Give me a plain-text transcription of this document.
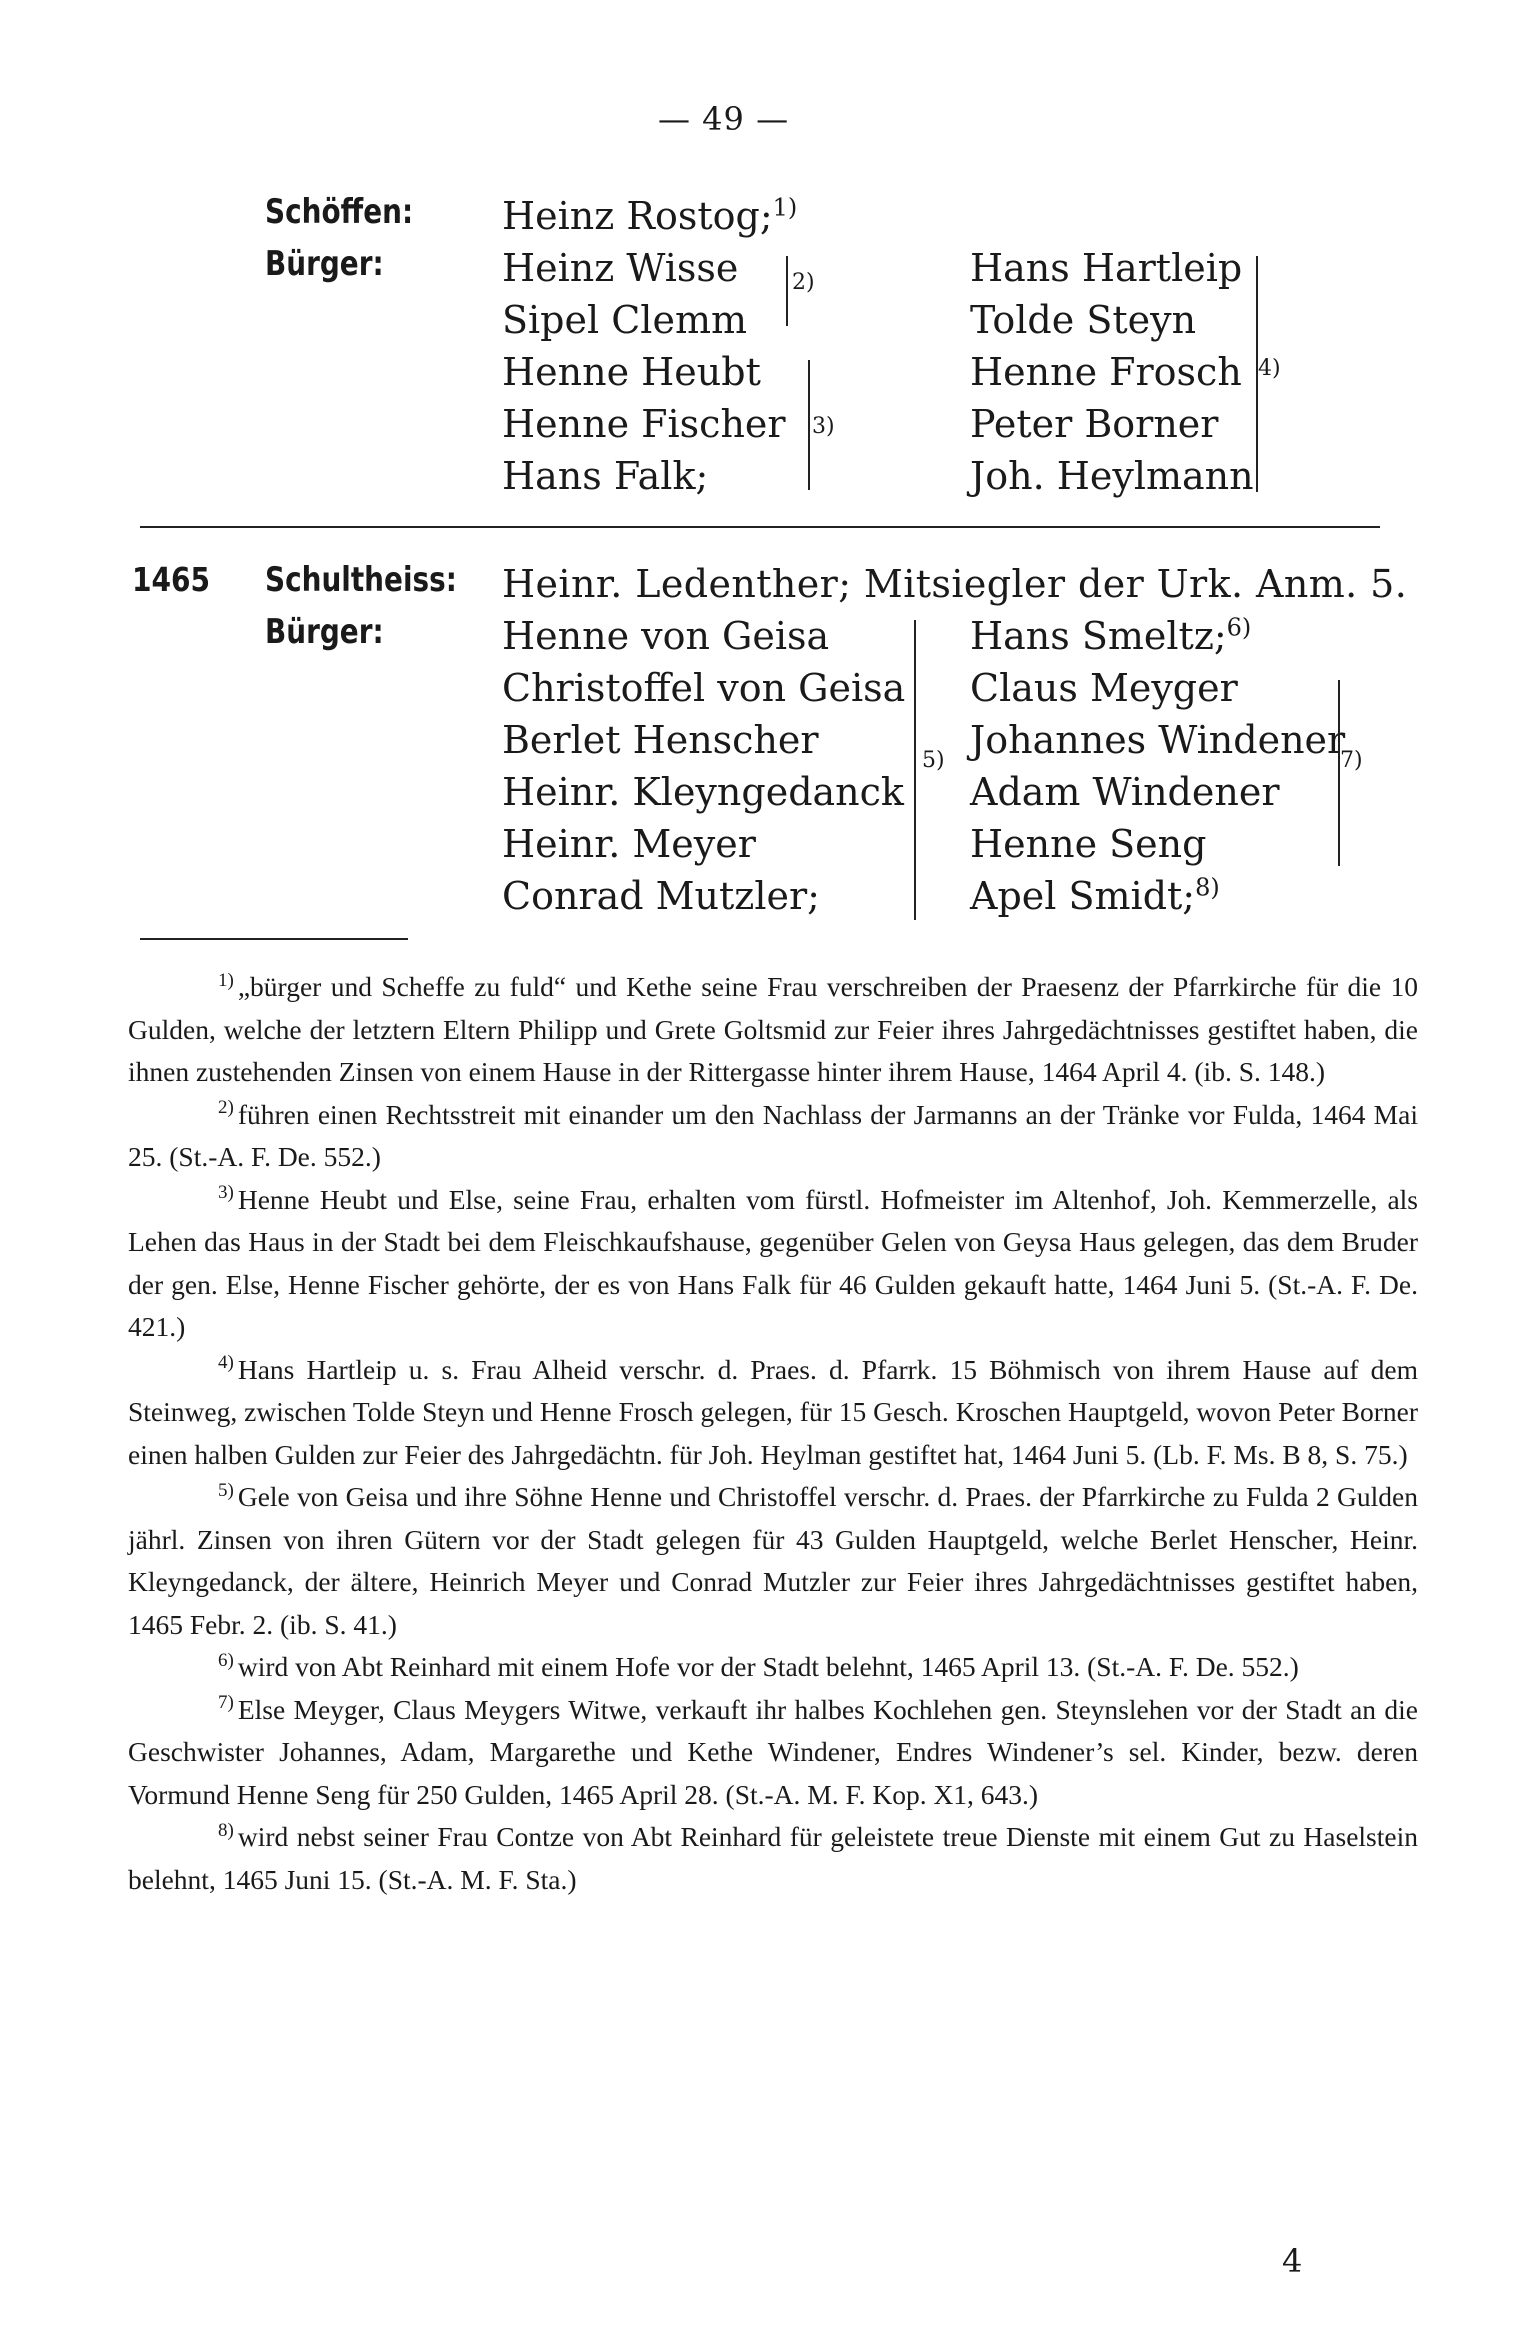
— 49 —
Schöffen:
Bürger:
Heinz Rostog;$^{1)}$
Heinz Wisse
Sipel Clemm
Henne Heubt
Henne Fischer
Hans Falk;
2)
3)
Hans Hartleip
Tolde Steyn
Henne Frosch
Peter Borner
Joh. Heylmann
4)
1465 Schultheiss:
Bürger:
Heinr. Ledenther; Mitsiegler der Urk. Anm. 5.
Henne von Geisa
Christoffel von Geisa
Berlet Henscher
Heinr. Kleyngedanck
Heinr. Meyer
Conrad Mutzler;
5)
Hans Smeltz;$^{6)}$
Claus Meyger
Johannes Windener
Adam Windener
Henne Seng
Apel Smidt;$^{8)}$
7)

$^{1)}$ „bürger und Scheffe zu fuld“ und Kethe seine Frau verschreiben der Praesenz der Pfarrkirche für die 10 Gulden, welche der letztern Eltern Philipp und Grete Goltsmid zur Feier ihres Jahrgedächtnisses gestiftet haben, die ihnen zustehenden Zinsen von einem Hause in der Rittergasse hinter ihrem Hause, 1464 April 4. (ib. S. 148.)

$^{2)}$ führen einen Rechtsstreit mit einander um den Nachlass der Jarmanns an der Tränke vor Fulda, 1464 Mai 25. (St.-A. F. De. 552.)

$^{3)}$ Henne Heubt und Else, seine Frau, erhalten vom fürstl. Hofmeister im Altenhof, Joh. Kemmerzelle, als Lehen das Haus in der Stadt bei dem Fleischkaufshause, gegenüber Gelen von Geysa Haus gelegen, das dem Bruder der gen. Else, Henne Fischer gehörte, der es von Hans Falk für 46 Gulden gekauft hatte, 1464 Juni 5. (St.-A. F. De. 421.)

$^{4)}$ Hans Hartleip u. s. Frau Alheid verschr. d. Praes. d. Pfarrk. 15 Böhmisch von ihrem Hause auf dem Steinweg, zwischen Tolde Steyn und Henne Frosch gelegen, für 15 Gesch. Kroschen Hauptgeld, wovon Peter Borner einen halben Gulden zur Feier des Jahrgedächtn. für Joh. Heylman gestiftet hat, 1464 Juni 5. (Lb. F. Ms. B 8, S. 75.)

$^{5)}$ Gele von Geisa und ihre Söhne Henne und Christoffel verschr. d. Praes. der Pfarrkirche zu Fulda 2 Gulden jährl. Zinsen von ihren Gütern vor der Stadt gelegen für 43 Gulden Hauptgeld, welche Berlet Henscher, Heinr. Kleyngedanck, der ältere, Heinrich Meyer und Conrad Mutzler zur Feier ihres Jahrgedächtnisses gestiftet haben, 1465 Febr. 2. (ib. S. 41.)

$^{6)}$ wird von Abt Reinhard mit einem Hofe vor der Stadt belehnt, 1465 April 13. (St.-A. F. De. 552.)

$^{7)}$ Else Meyger, Claus Meygers Witwe, verkauft ihr halbes Kochlehen gen. Steynslehen vor der Stadt an die Geschwister Johannes, Adam, Margarethe und Kethe Windener, Endres Windener’s sel. Kinder, bezw. deren Vormund Henne Seng für 250 Gulden, 1465 April 28. (St.-A. M. F. Kop. X1, 643.)

$^{8)}$ wird nebst seiner Frau Contze von Abt Reinhard für geleistete treue Dienste mit einem Gut zu Haselstein belehnt, 1465 Juni 15. (St.-A. M. F. Sta.)

4
